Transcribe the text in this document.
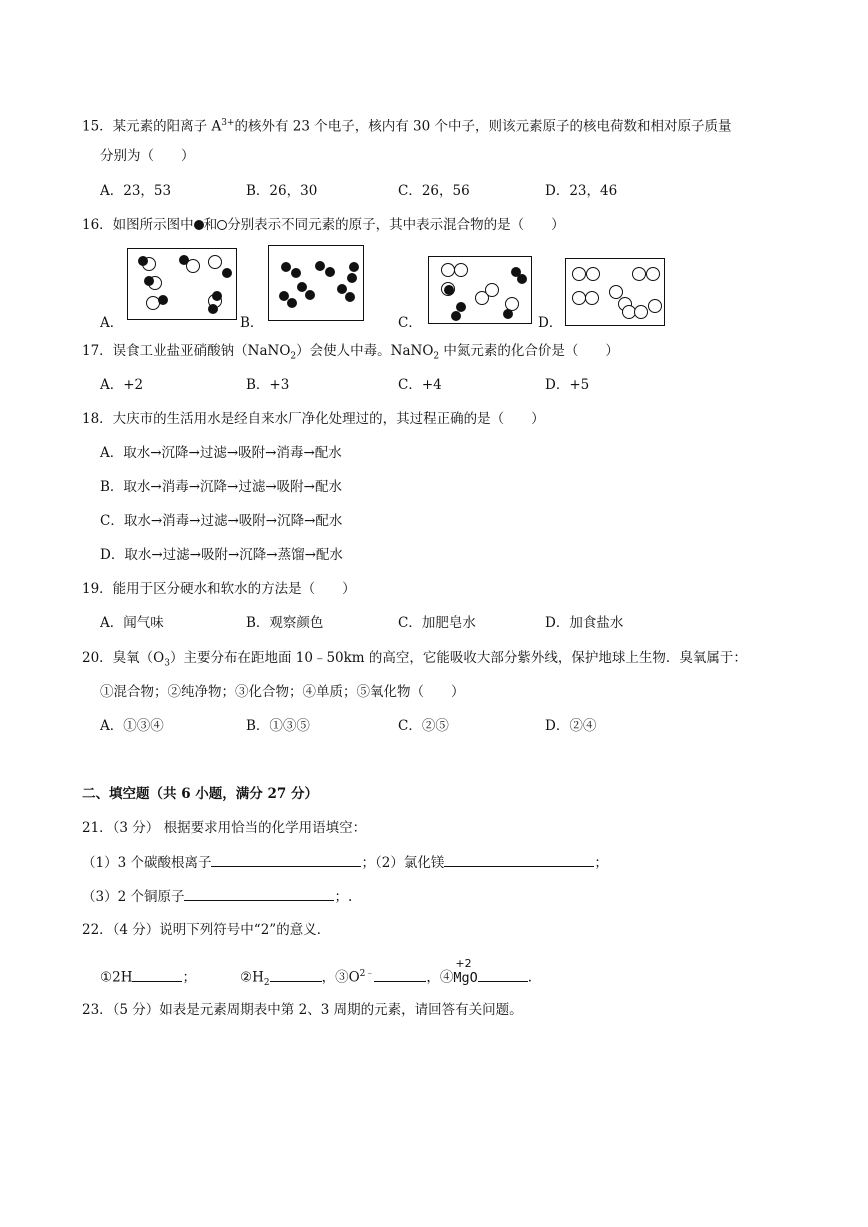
15．某元素的阳离子 $A^{3+}$的核外有 23 个电子，核内有 30 个中子，则该元素原子的核电荷数和相对原子质量
分别为（　　）
A．23，53	B．26，30	C．26，56	D．23，46
16．如图所示图中 和 分别表示不同元素的原子，其中表示混合物的是（　　）
A．	B．	C．	D．
17．误食工业盐亚硝酸钠（NaNO$_2$）会使人中毒。NaNO$_2$ 中氮元素的化合价是（　　）
A．+2	B．+3	C．+4	D．+5
18．大庆市的生活用水是经自来水厂净化处理过的，其过程正确的是（　　）
A．取水→沉降→过滤→吸附→消毒→配水
B．取水→消毒→沉降→过滤→吸附→配水
C．取水→消毒→过滤→吸附→沉降→配水
D．取水→过滤→吸附→沉降→蒸馏→配水
19．能用于区分硬水和软水的方法是（　　）
A．闻气味	B．观察颜色	C．加肥皂水	D．加食盐水
20．臭氧$(O_3)$主要分布在距地面 10﹣50km 的高空，它能吸收大部分紫外线，保护地球上生物．臭氧属于：
①混合物；②纯净物；③化合物；④单质；⑤氧化物（　　）
A．①③④	B．①③⑤	C．②⑤	D．②④
二、填空题（共 6 小题，满分 27 分）
21．（3 分） 根据要求用恰当的化学用语填空：
（1）3 个碳酸根离子	；（2）氯化镁	；
（3）2 个铜原子	；.
22．（4 分）说明下列符号中“2”的意义．
①2H	；	$②H_2$	，$③O^{2﹣}$	，④
+2
MgO	.
23．（5 分）如表是元素周期表中第 2、3 周期的元素，请回答有关问题。
